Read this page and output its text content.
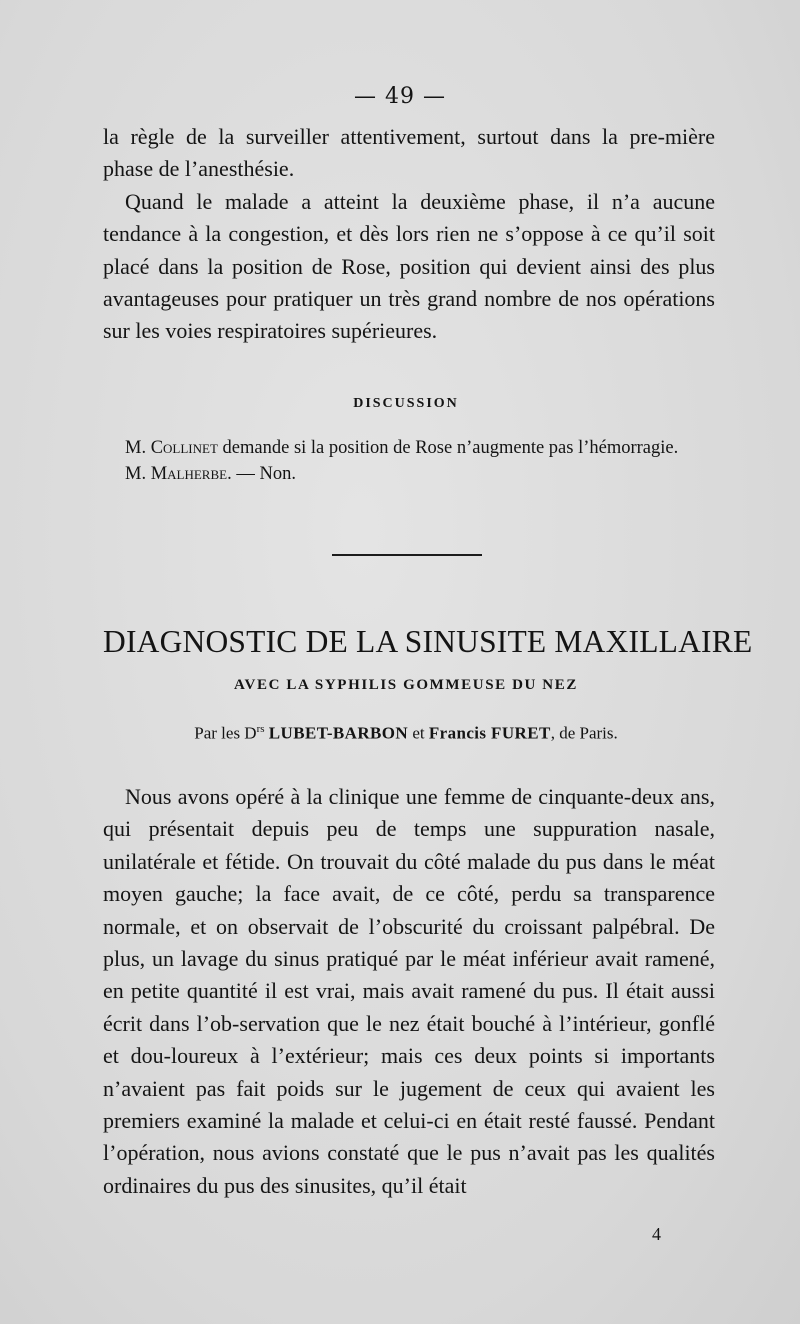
— 49 —

la règle de la surveiller attentivement, surtout dans la pre-mière phase de l’anesthésie.

Quand le malade a atteint la deuxième phase, il n’a aucune tendance à la congestion, et dès lors rien ne s’oppose à ce qu’il soit placé dans la position de Rose, position qui devient ainsi des plus avantageuses pour pratiquer un très grand nombre de nos opérations sur les voies respiratoires supérieures.

DISCUSSION

M. Collinet demande si la position de Rose n’augmente pas l’hémorragie.

M. Malherbe. — Non.

DIAGNOSTIC DE LA SINUSITE MAXILLAIRE
AVEC LA SYPHILIS GOMMEUSE DU NEZ
Par les $D^{rs}$ LUBET-BARBON et Francis FURET, de Paris.

Nous avons opéré à la clinique une femme de cinquante-deux ans, qui présentait depuis peu de temps une suppuration nasale, unilatérale et fétide. On trouvait du côté malade du pus dans le méat moyen gauche; la face avait, de ce côté, perdu sa transparence normale, et on observait de l’obscurité du croissant palpébral. De plus, un lavage du sinus pratiqué par le méat inférieur avait ramené, en petite quantité il est vrai, mais avait ramené du pus. Il était aussi écrit dans l’ob-servation que le nez était bouché à l’intérieur, gonflé et dou-loureux à l’extérieur; mais ces deux points si importants n’avaient pas fait poids sur le jugement de ceux qui avaient les premiers examiné la malade et celui-ci en était resté faussé. Pendant l’opération, nous avions constaté que le pus n’avait pas les qualités ordinaires du pus des sinusites, qu’il était

4
